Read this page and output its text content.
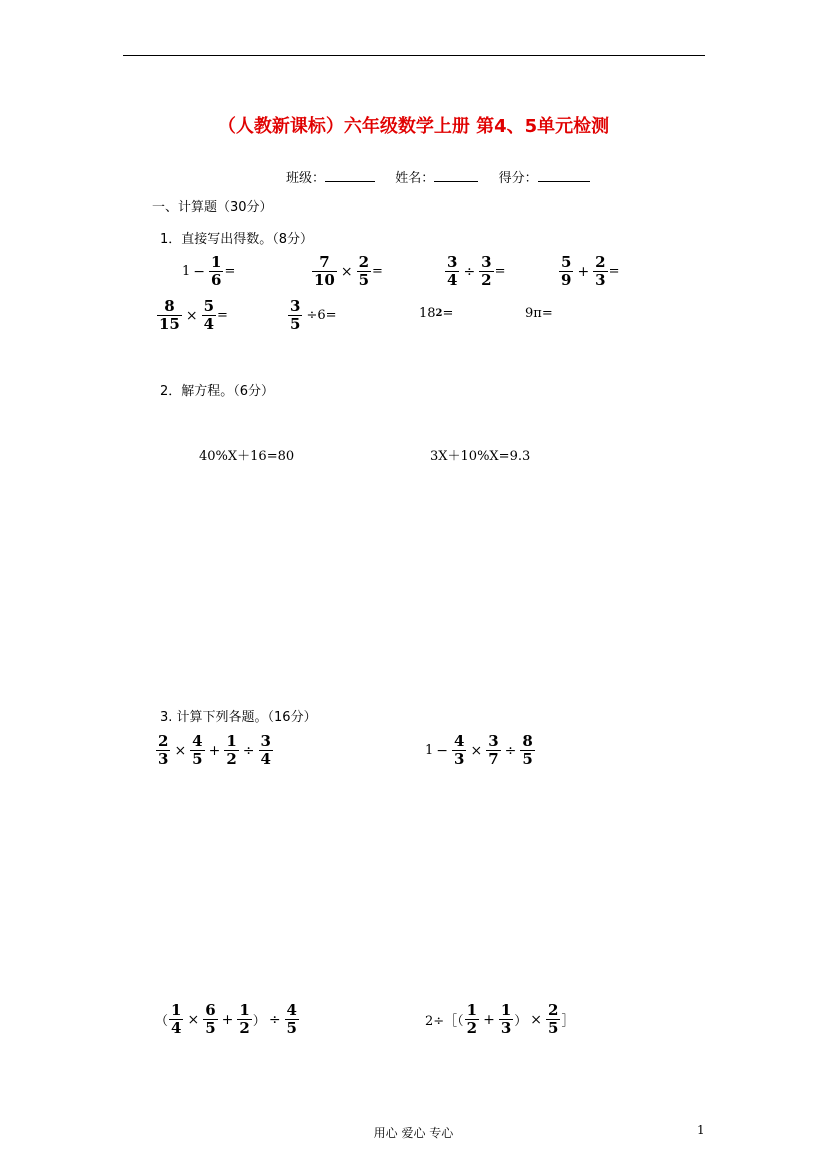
（人教新课标）六年级数学上册 第4、5单元检测
班级：	姓名：	得分：
一、计算题（30分）
1．直接写出得数。（8分）
$1 - \frac{1}{6}$ =	$\frac{7}{10} \times \frac{2}{5}$ =	$\frac{3}{4} \div \frac{3}{2}$ =	$\frac{5}{9} + \frac{2}{3}$ =
$\frac{8}{15} \times \frac{5}{4}$ =	$\frac{3}{5} \div 6=$	18 2 =	9π=
2．解方程。（6分）
40%X＋16=80	3X＋10%X=9.3
3. 计算下列各题。（16分）
$\frac{2}{3} \times \frac{4}{5} + \frac{1}{2} \div \frac{3}{4}$	$1 - \frac{4}{3} \times \frac{3}{7} \div \frac{8}{5}$
（ $\frac{1}{4} \times \frac{6}{5} + \frac{1}{2}$ ） ÷ $\frac{4}{5}$	2÷［（ $\frac{1}{2} + \frac{1}{3}$ ） × $\frac{2}{5}$ ］
用心 爱心 专心	1
